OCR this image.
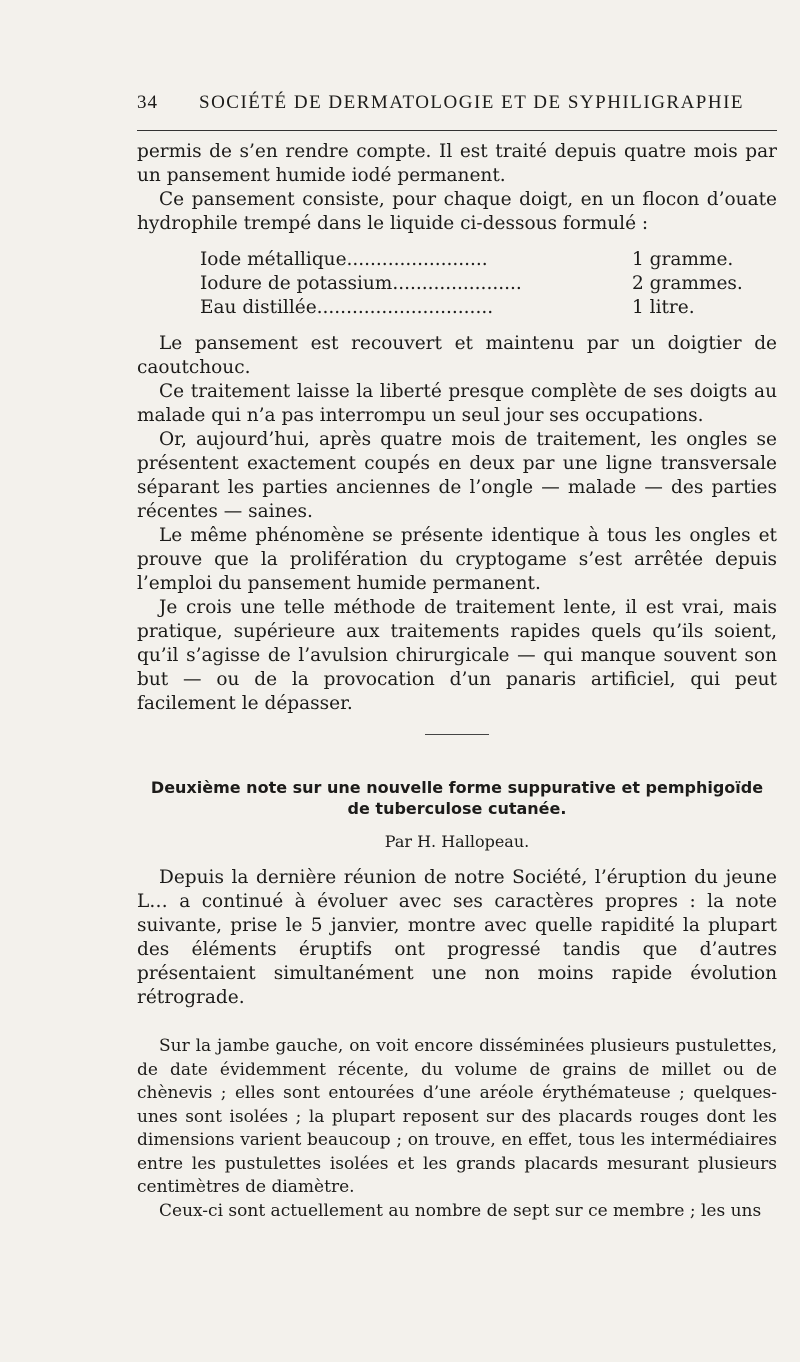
34 SOCIÉTÉ DE DERMATOLOGIE ET DE SYPHILIGRAPHIE

permis de s’en rendre compte. Il est traité depuis quatre mois par un pansement humide iodé permanent.

Ce pansement consiste, pour chaque doigt, en un flocon d’ouate hydrophile trempé dans le liquide ci-dessous formulé :

Iode métallique........................	1 gramme.
Iodure de potassium......................	2 grammes.
Eau distillée..............................	1 litre.

Le pansement est recouvert et maintenu par un doigtier de caoutchouc.

Ce traitement laisse la liberté presque complète de ses doigts au malade qui n’a pas interrompu un seul jour ses occupations.

Or, aujourd’hui, après quatre mois de traitement, les ongles se présentent exactement coupés en deux par une ligne transversale séparant les parties anciennes de l’ongle — malade — des parties récentes — saines.

Le même phénomène se présente identique à tous les ongles et prouve que la prolifération du cryptogame s’est arrêtée depuis l’emploi du pansement humide permanent.

Je crois une telle méthode de traitement lente, il est vrai, mais pratique, supérieure aux traitements rapides quels qu’ils soient, qu’il s’agisse de l’avulsion chirurgicale — qui manque souvent son but — ou de la provocation d’un panaris artificiel, qui peut facilement le dépasser.

Deuxième note sur une nouvelle forme suppurative et pemphigoïde
de tuberculose cutanée.
Par H. Hallopeau.

Depuis la dernière réunion de notre Société, l’éruption du jeune L… a continué à évoluer avec ses caractères propres : la note suivante, prise le 5 janvier, montre avec quelle rapidité la plupart des éléments éruptifs ont progressé tandis que d’autres présentaient simultanément une non moins rapide évolution rétrograde.

Sur la jambe gauche, on voit encore disséminées plusieurs pustulettes, de date évidemment récente, du volume de grains de millet ou de chènevis ; elles sont entourées d’une aréole érythémateuse ; quelques-unes sont isolées ; la plupart reposent sur des placards rouges dont les dimensions varient beaucoup ; on trouve, en effet, tous les intermédiaires entre les pustulettes isolées et les grands placards mesurant plusieurs centimètres de diamètre.

Ceux-ci sont actuellement au nombre de sept sur ce membre ; les uns
